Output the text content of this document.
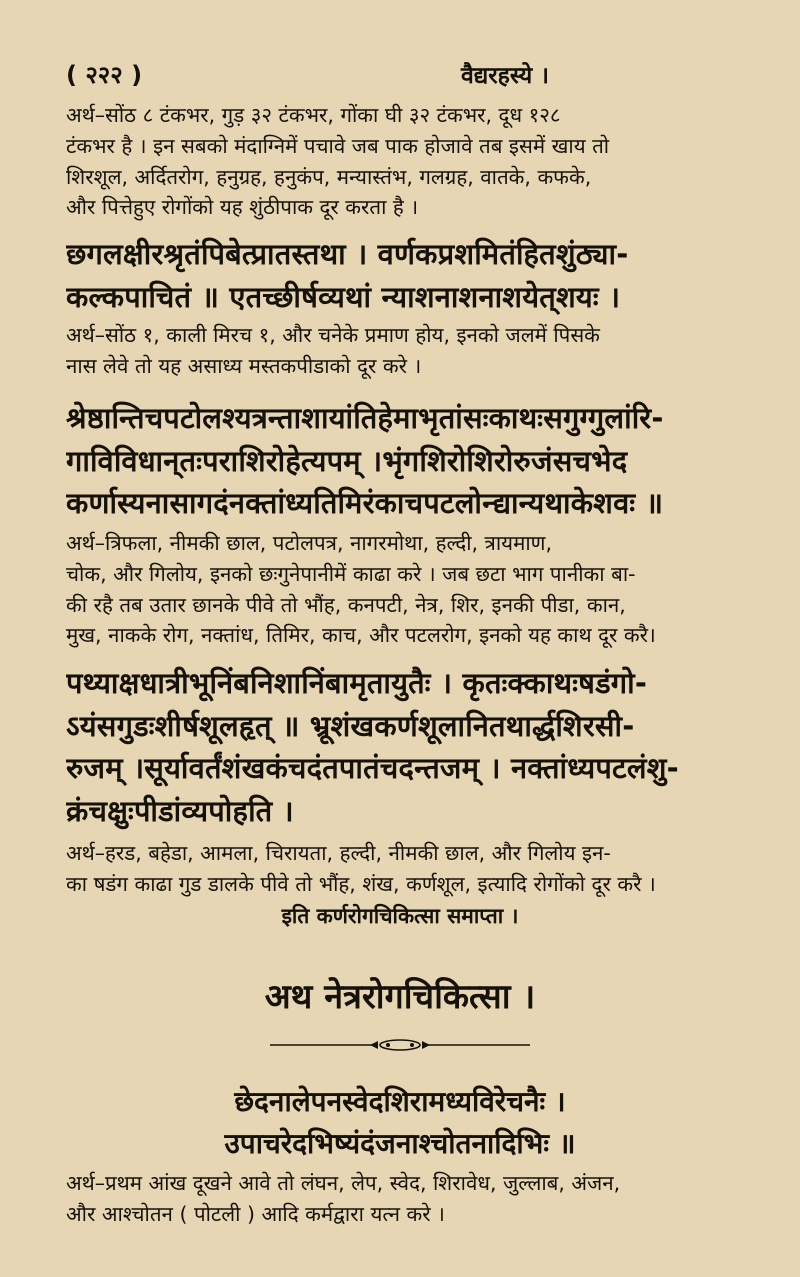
( २२२ )	वैद्यरहस्ये ।
अर्थ–सोंठ ८ टंकभर, गुड़ ३२ टंकभर, गोंका घी ३२ टंकभर, दूध १२८
टंकभर है । इन सबको मंदाग्निमें पचावे जब पाक होजावे तब इसमें खाय तो
शिरशूल, अर्दितरोग, हनुग्रह, हनुकंप, मन्यास्तंभ, गलग्रह, वातके, कफके,
और पित्तेहुए रोगोंको यह शुंठीपाक दूर करता है ।
छगलक्षीरश्रृतंपिबेत्प्रातस्तथा । वर्णकप्रशमितंहितशुंठ्या-
कल्कपाचितं ॥ एतच्छीर्षव्यथां न्याशनाशनाशयेत्‌शयः ।
अर्थ–सोंठ १, काली मिरच १, और चनेके प्रमाण होय, इनको जलमें पिसके
नास लेवे तो यह असाध्य मस्तकपीडाको दूर करे ।
श्रेष्ठान्तिचपटोलश्यत्रन्ताशायांतिहेमाभृतांसःकाथःसगुग्गुलांरि-
गाविविधान्‌तःपराशिरोहेत्यपम्‌ ।भृंगशिरोशिरोरुजंसचभेद
कर्णास्यनासागदंनक्तांध्यतिमिरंकाचपटलोन्द्यान्यथाकेशवः ॥
अर्थ–त्रिफला, नीमकी छाल, पटोलपत्र, नागरमोथा, हल्दी, त्रायमाण,
चोक, और गिलोय, इनको छःगुनेपानीमें काढा करे । जब छटा भाग पानीका बा-
की रहै तब उतार छानके पीवे तो भौंह, कनपटी, नेत्र, शिर, इनकी पीडा, कान,
मुख, नाकके रोग, नक्तांध, तिमिर, काच, और पटलरोग, इनको यह काथ दूर करै।
पथ्याक्षधात्रीभूनिंबनिशानिंबामृतायुतैः । कृतःक्काथःषडंगो-
ऽयंसगुडःशीर्षशूलहृत्‌ ॥ भ्रूशंखकर्णशूलानितथार्द्धशिरसी-
रुजम्‌ ।सूर्यावर्तंशंखकंचदंतपातंचदन्तजम्‌ । नक्तांध्यपटलंशु-
क्रंचक्षुःपीडांव्यपोहति ।
अर्थ–हरड, बहेडा, आमला, चिरायता, हल्दी, नीमकी छाल, और गिलोय इन-
का षडंग काढा गुड डालके पीवे तो भौंह, शंख, कर्णशूल, इत्यादि रोगोंको दूर करै ।
इति कर्णरोगचिकित्सा समाप्ता ।
अथ नेत्ररोगचिकित्सा ।
छेदनालेपनस्वेदशिरामध्यविरेचनैः ।
उपाचरेदभिष्यंदंजनाश्चोतनादिभिः ॥
अर्थ–प्रथम आंख दूखने आवे तो लंघन, लेप, स्वेद, शिरावेध, जुल्लाब, अंजन,
और आश्चोतन ( पोटली ) आदि कर्मद्वारा यत्न करे ।
